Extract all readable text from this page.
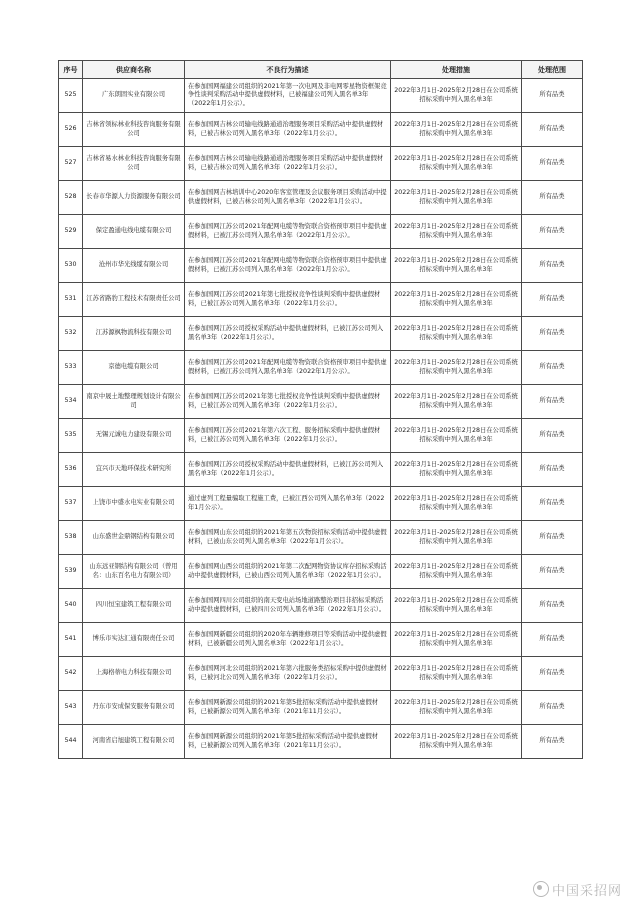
序号	供应商名称	不良行为描述	处理措施	处理范围
525	广东朗固实业有限公司	在参加国网福建公司组织的2021年第一次电网及非电网零星物资框架竞争性谈判采购活动中提供虚假材料，已被福建公司列入黑名单3年（2022年1月公示）。	2022年3月1日-2025年2月28日在公司系统招标采购中列入黑名单3年	所有品类
526	吉林省领标林业科技咨询服务有限公司	在参加国网吉林公司输电线路通道治理服务项目采购活动中提供虚假材料，已被吉林公司列入黑名单3年（2022年1月公示）。	2022年3月1日-2025年2月28日在公司系统招标采购中列入黑名单3年	所有品类
527	吉林省易水林业科技咨询服务有限公司	在参加国网吉林公司输电线路通道治理服务项目采购活动中提供虚假材料，已被吉林公司列入黑名单3年（2022年1月公示）。	2022年3月1日-2025年2月28日在公司系统招标采购中列入黑名单3年	所有品类
528	长春市华源人力资源服务有限公司	在参加国网吉林培训中心2020年客室管理及会议服务项目采购活动中提供虚假材料，已被吉林公司列入黑名单3年（2022年1月公示）。	2022年3月1日-2025年2月28日在公司系统招标采购中列入黑名单3年	所有品类
529	保定盈通电线电缆有限公司	在参加国网江苏公司2021年配网电缆等物资联合资格预审项目中提供虚假材料，已被江苏公司列入黑名单3年（2022年1月公示）。	2022年3月1日-2025年2月28日在公司系统招标采购中列入黑名单3年	所有品类
530	沧州市华光线缆有限公司	在参加国网江苏公司2021年配网电缆等物资联合资格预审项目中提供虚假材料，已被江苏公司列入黑名单3年（2022年1月公示）。	2022年3月1日-2025年2月28日在公司系统招标采购中列入黑名单3年	所有品类
531	江苏省路豹工程技术有限责任公司	在参加国网江苏公司2021年第七批授权竞争性谈判采购中提供虚假材料，已被江苏公司列入黑名单3年（2022年1月公示）。	2022年3月1日-2025年2月28日在公司系统招标采购中列入黑名单3年	所有品类
532	江苏源枫物流科技有限公司	在参加国网江苏公司授权采购活动中提供虚假材料，已被江苏公司列入黑名单3年（2022年1月公示）。	2022年3月1日-2025年2月28日在公司系统招标采购中列入黑名单3年	所有品类
533	京德电缆有限公司	在参加国网江苏公司2021年配网电缆等物资联合资格预审项目中提供虚假材料，已被江苏公司列入黑名单3年（2022年1月公示）。	2022年3月1日-2025年2月28日在公司系统招标采购中列入黑名单3年	所有品类
534	南京中晟土地整理规划设计有限公司	在参加国网江苏公司2021年第七批授权竞争性谈判采购中提供虚假材料，已被江苏公司列入黑名单3年（2022年1月公示）。	2022年3月1日-2025年2月28日在公司系统招标采购中列入黑名单3年	所有品类
535	无锡元诚电力建设有限公司	在参加国网江苏公司2021年第六次工程、服务招标采购中提供虚假材料，已被江苏公司列入黑名单3年（2022年1月公示）。	2022年3月1日-2025年2月28日在公司系统招标采购中列入黑名单3年	所有品类
536	宜兴市天地环保技术研究所	在参加国网江苏公司授权采购活动中提供虚假材料，已被江苏公司列入黑名单3年（2022年1月公示）。	2022年3月1日-2025年2月28日在公司系统招标采购中列入黑名单3年	所有品类
537	上饶市中盛水电实业有限公司	通过虚列工程量骗取工程施工费，已被江西公司列入黑名单3年（2022年1月公示）。	2022年3月1日-2025年2月28日在公司系统招标采购中列入黑名单3年	所有品类
538	山东盛世金鼎钢结构有限公司	在参加国网山东公司组织的2021年第五次物资招标采购活动中提供虚假材料，已被山东公司列入黑名单3年（2022年1月公示）。	2022年3月1日-2025年2月28日在公司系统招标采购中列入黑名单3年	所有品类
539	山东远亚钢结构有限公司（曾用名：山东百名电力有限公司）	在参加国网山西公司组织的2021年第二次配网物资协议库存招标采购活动中提供虚假材料，已被山西公司列入黑名单3年（2022年1月公示）。	2022年3月1日-2025年2月28日在公司系统招标采购中列入黑名单3年	所有品类
540	四川恒宝建筑工程有限公司	在参加国网四川公司组织的南天变电站场地道路整治项目非招标采购活动中提供虚假材料，已被四川公司列入黑名单3年（2022年1月公示）。	2022年3月1日-2025年2月28日在公司系统招标采购中列入黑名单3年	所有品类
541	博乐市实达汇通有限责任公司	在参加国网新疆公司组织的2020年车辆维修项目等采购活动中提供虚假材料，已被新疆公司列入黑名单3年（2022年1月公示）。	2022年3月1日-2025年2月28日在公司系统招标采购中列入黑名单3年	所有品类
542	上海格蒂电力科技有限公司	在参加国网河北公司组织的2021年第六批服务类招标采购中提供虚假材料，已被河北公司列入黑名单3年（2022年1月公示）。	2022年3月1日-2025年2月28日在公司系统招标采购中列入黑名单3年	所有品类
543	丹东市安成保安服务有限公司	在参加国网新源公司组织的2021年第5批招标采购活动中提供虚假材料，已被新源公司列入黑名单3年（2021年11月公示）。	2022年3月1日-2025年2月28日在公司系统招标采购中列入黑名单3年	所有品类
544	河南省启旭建筑工程有限公司	在参加国网新源公司组织的2021年第5批招标采购活动中提供虚假材料，已被新源公司列入黑名单3年（2021年11月公示）。	2022年3月1日-2025年2月28日在公司系统招标采购中列入黑名单3年	所有品类
中国采招网
